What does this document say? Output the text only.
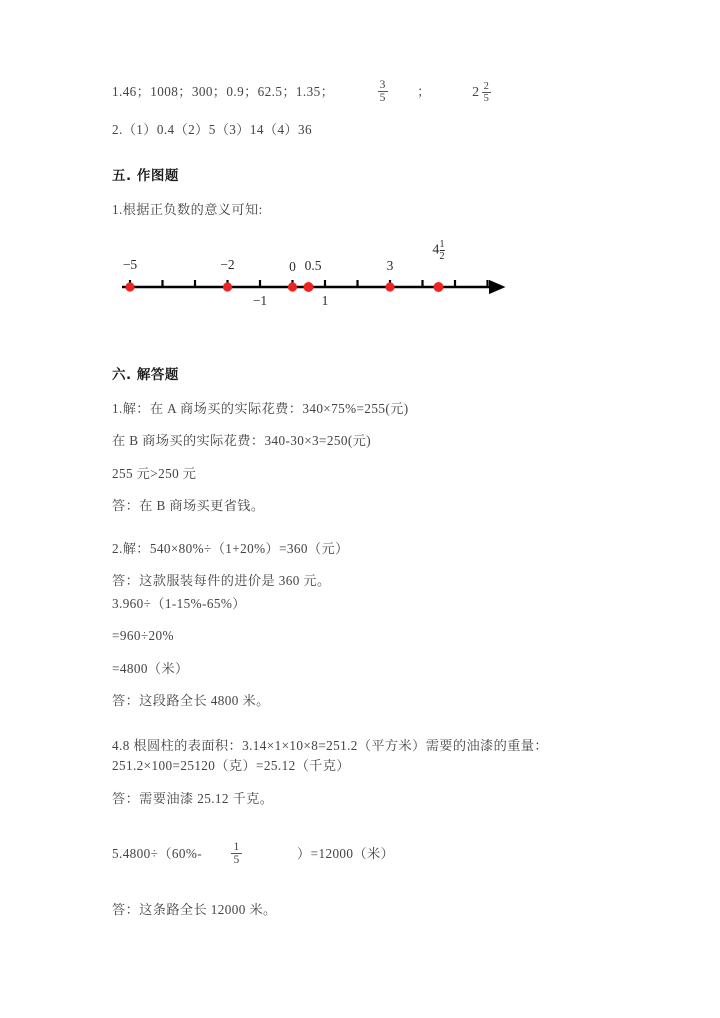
1.46；1008；300；0.9；62.5；1.35；	$\frac{3}{5}$ ；	$2 \frac{2}{5}$
2.（1）0.4（2）5（3）14（4）36
五. 作图题
1.根据正负数的意义可知:
−5	−2	0 0.5	3
$4 \frac{1}{2}$
−1	1
六. 解答题
1.解：在 A 商场买的实际花费：340×75%=255(元)
在 B 商场买的实际花费：340-30×3=250(元)
255 元>250 元
答：在 B 商场买更省钱。
2.解：540×80%÷（1+20%）=360（元）
答：这款服装每件的进价是 360 元。
3.960÷（1-15%-65%）
=960÷20%
=4800（米）
答：这段路全长 4800 米。
4.8 根圆柱的表面积：3.14×1×10×8=251.2（平方米）需要的油漆的重量：251.2×100=25120（克）=25.12（千克）
答：需要油漆 25.12 千克。
5.4800÷（60%-	$\frac{1}{5}$	）=12000（米）
答：这条路全长 12000 米。
